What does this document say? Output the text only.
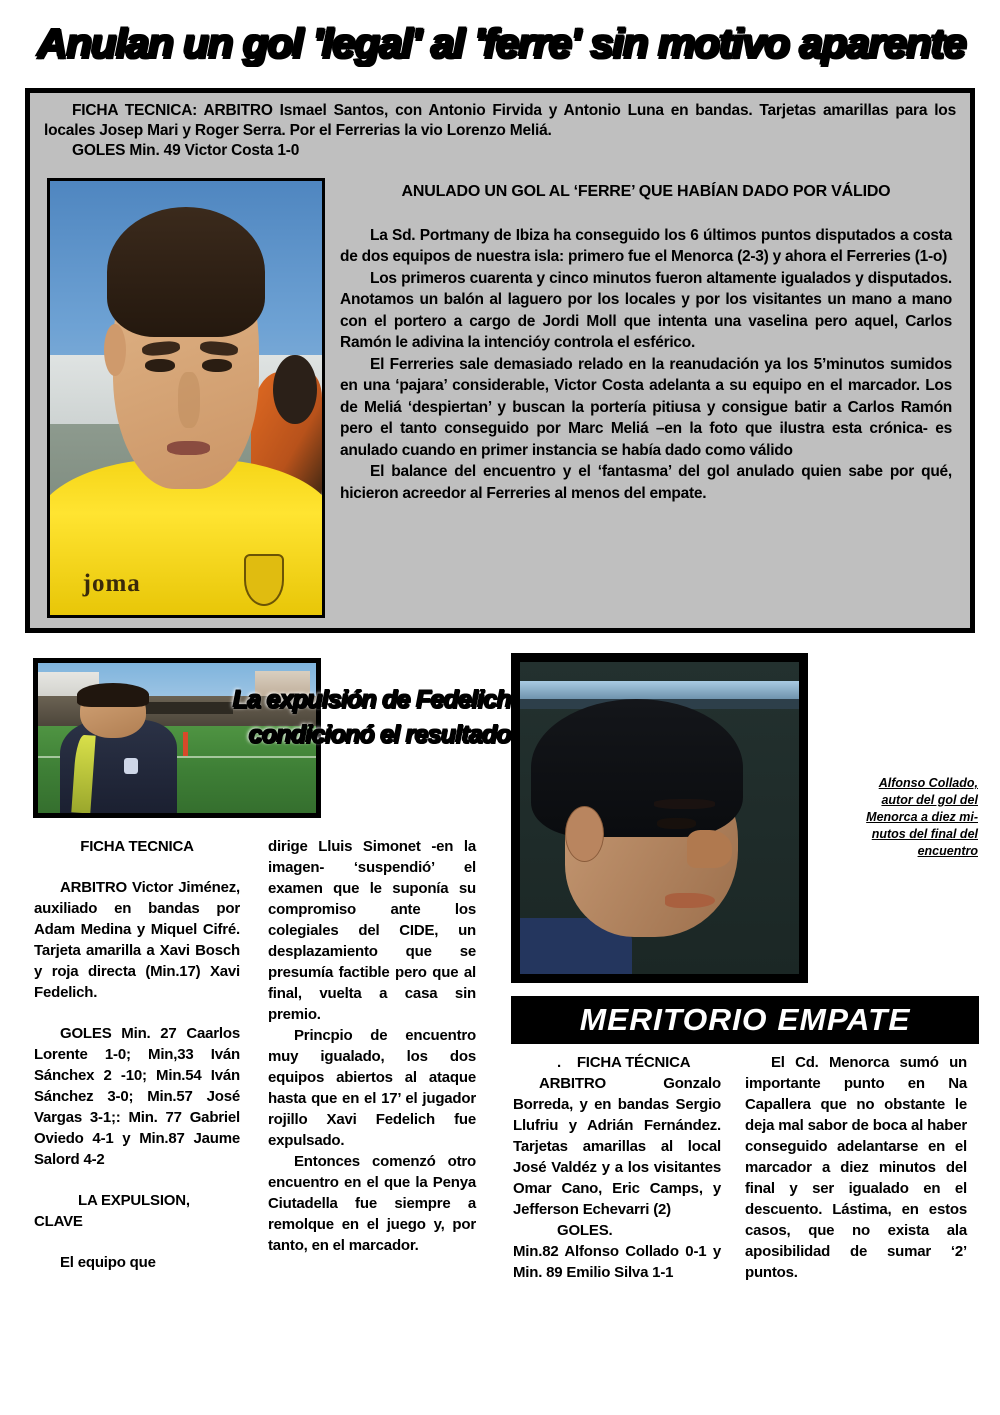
Anulan un gol 'legal' al 'ferre' sin motivo aparente

FICHA TECNICA: ARBITRO Ismael Santos, con Antonio Firvida y Antonio Luna en bandas. Tarjetas amarillas para los locales Josep Mari y Roger Serra. Por el Ferrerias la vio Lorenzo Meliá.

GOLES Min. 49 Victor Costa 1-0

joma
ANULADO UN GOL AL ‘FERRE’ QUE HABÍAN DADO POR VÁLIDO

La Sd. Portmany de Ibiza ha conseguido los 6 últimos puntos disputados a costa de dos equipos de nuestra isla: primero fue el Menorca (2-3) y ahora el Ferreries (1-o)

Los primeros cuarenta y cinco minutos fueron altamente igualados y disputados. Anotamos un balón al laguero por los locales y por los visitantes un mano a mano con el portero a cargo de Jordi Moll que intenta una vaselina pero aquel, Carlos Ramón le adivina la intencióy controla el esférico.

El Ferreries sale demasiado relado en la reanudación ya los 5’minutos sumidos en una ‘pajara’ considerable, Victor Costa adelanta a su equipo en el marcador. Los de Meliá ‘despiertan’ y buscan la portería pitiusa y consigue batir a Carlos Ramón pero el tanto conseguido por Marc Meliá –en la foto que ilustra esta crónica- es anulado cuando en primer instancia se había dado como válido

El balance del encuentro y el ‘fantasma’ del gol anulado quien sabe por qué, hicieron acreedor al Ferreries al menos del empate.

La expulsión de Fedelich
condicionó el resultado
Alfonso Collado,
autor del gol del
Menorca a diez mi-
nutos del final del
encuentro

FICHA TECNICA

ARBITRO Victor Jiménez, auxiliado en bandas por Adam Medina y Miquel Cifré. Tarjeta amarilla a Xavi Bosch y roja directa (Min.17) Xavi Fedelich.

GOLES Min. 27 Caarlos Lorente 1-0; Min,33 Iván Sánchex 2 -10; Min.54 Iván Sánchez 3-0; Min.57 José Vargas 3-1;: Min. 77 Gabriel Oviedo 4-1 y Min.87 Jaume Salord 4-2

LA EXPULSION,

CLAVE

El equipo que

dirige Lluis Simonet -en la imagen- ‘suspendió’ el examen que le suponía su compromiso ante los colegiales del CIDE, un desplazamiento que se presumía factible pero que al final, vuelta a casa sin premio.

Princpio de encuentro muy igualado, los dos equipos abiertos al ataque hasta que en el 17’ el jugador rojillo Xavi Fedelich fue expulsado.

Entonces comenzó otro encuentro en el que la Penya Ciutadella fue siempre a remolque en el juego y, por tanto, en el marcador.

MERITORIO EMPATE

. FICHA TÉCNICA

ARBITRO Gonzalo Borreda, y en bandas Sergio Llufriu y Adrián Fernández. Tarjetas amarillas al local José Valdéz y a los visitantes Omar Cano, Eric Camps, y Jefferson Echevarri (2)

GOLES.

Min.82 Alfonso Collado 0-1 y Min. 89 Emilio Silva 1-1

El Cd. Menorca sumó un importante punto en Na Capallera que no obstante le deja mal sabor de boca al haber conseguido adelantarse en el marcador a diez minutos del final y ser igualado en el descuento. Lástima, en estos casos, que no exista ala aposibilidad de sumar ‘2’ puntos.
